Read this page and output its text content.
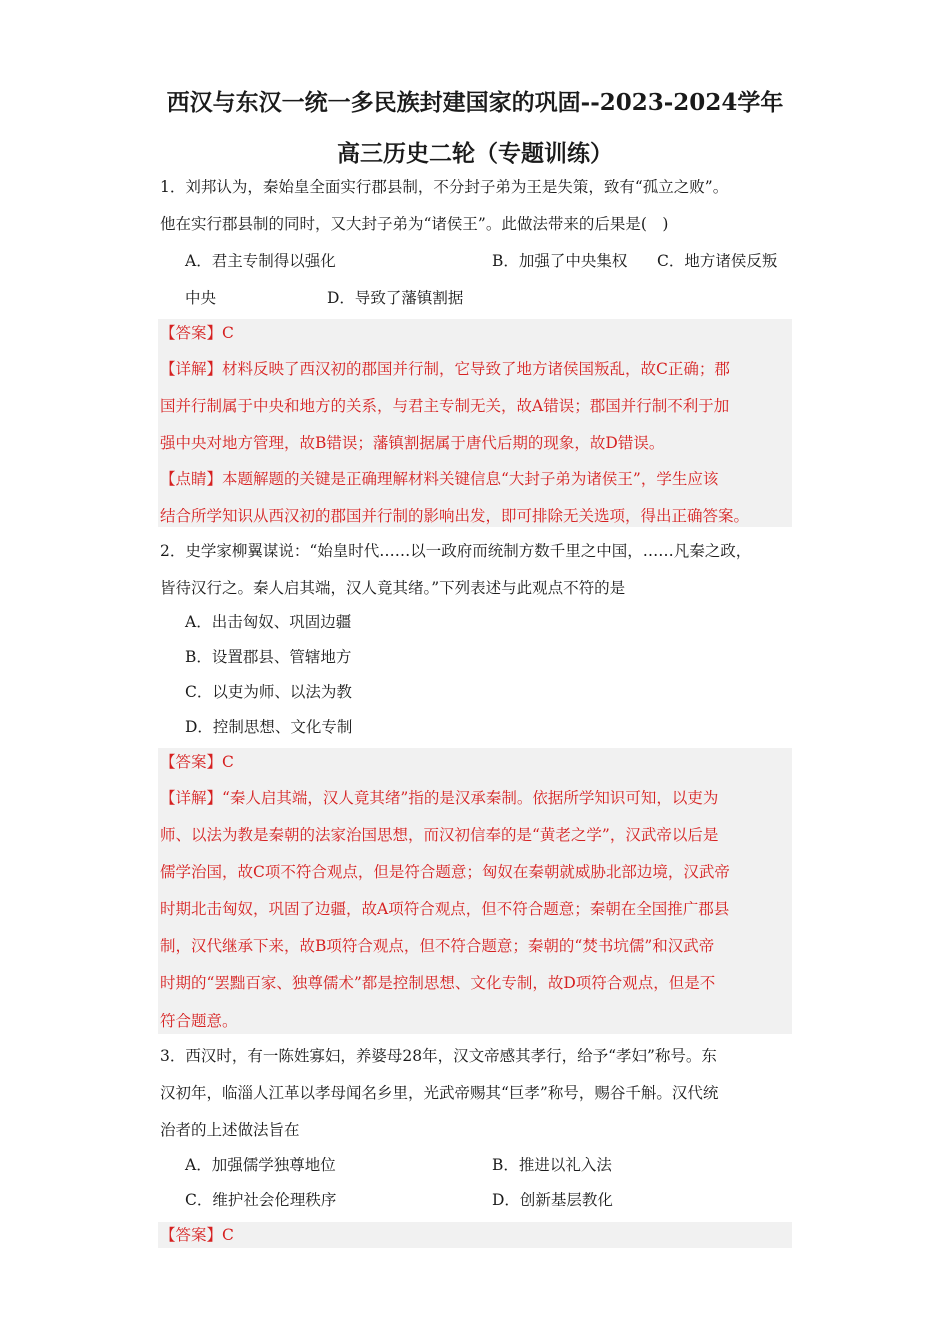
西汉与东汉一统一多民族封建国家的巩固--2023-2024学年
高三历史二轮（专题训练）
1．刘邦认为，秦始皇全面实行郡县制，不分封子弟为王是失策，致有“孤立之败”。
他在实行郡县制的同时，又大封子弟为“诸侯王”。此做法带来的后果是(　)
A．君主专制得以强化	B．加强了中央集权 C．地方诸侯反叛
中央	D．导致了藩镇割据
【答案】C
【详解】材料反映了西汉初的郡国并行制，它导致了地方诸侯国叛乱，故C正确；郡
国并行制属于中央和地方的关系，与君主专制无关，故A错误；郡国并行制不利于加
强中央对地方管理，故B错误；藩镇割据属于唐代后期的现象，故D错误。
【点睛】本题解题的关键是正确理解材料关键信息“大封子弟为诸侯王”，学生应该
结合所学知识从西汉初的郡国并行制的影响出发，即可排除无关选项，得出正确答案。
2．史学家柳翼谋说：“始皇时代……以一政府而统制方数千里之中国，……凡秦之政，
皆待汉行之。秦人启其端，汉人竟其绪。”下列表述与此观点不符的是
A．出击匈奴、巩固边疆
B．设置郡县、管辖地方
C．以吏为师、以法为教
D．控制思想、文化专制
【答案】C
【详解】“秦人启其端，汉人竟其绪”指的是汉承秦制。依据所学知识可知，以吏为
师、以法为教是秦朝的法家治国思想，而汉初信奉的是“黄老之学”，汉武帝以后是
儒学治国，故C项不符合观点，但是符合题意；匈奴在秦朝就威胁北部边境，汉武帝
时期北击匈奴，巩固了边疆，故A项符合观点，但不符合题意；秦朝在全国推广郡县
制，汉代继承下来，故B项符合观点，但不符合题意；秦朝的“焚书坑儒”和汉武帝
时期的“罢黜百家、独尊儒术”都是控制思想、文化专制，故D项符合观点，但是不
符合题意。
3．西汉时，有一陈姓寡妇，养婆母28年，汉文帝感其孝行，给予“孝妇”称号。东
汉初年，临淄人江革以孝母闻名乡里，光武帝赐其“巨孝”称号，赐谷千斛。汉代统
治者的上述做法旨在
A．加强儒学独尊地位	B．推进以礼入法
C．维护社会伦理秩序	D．创新基层教化
【答案】C
